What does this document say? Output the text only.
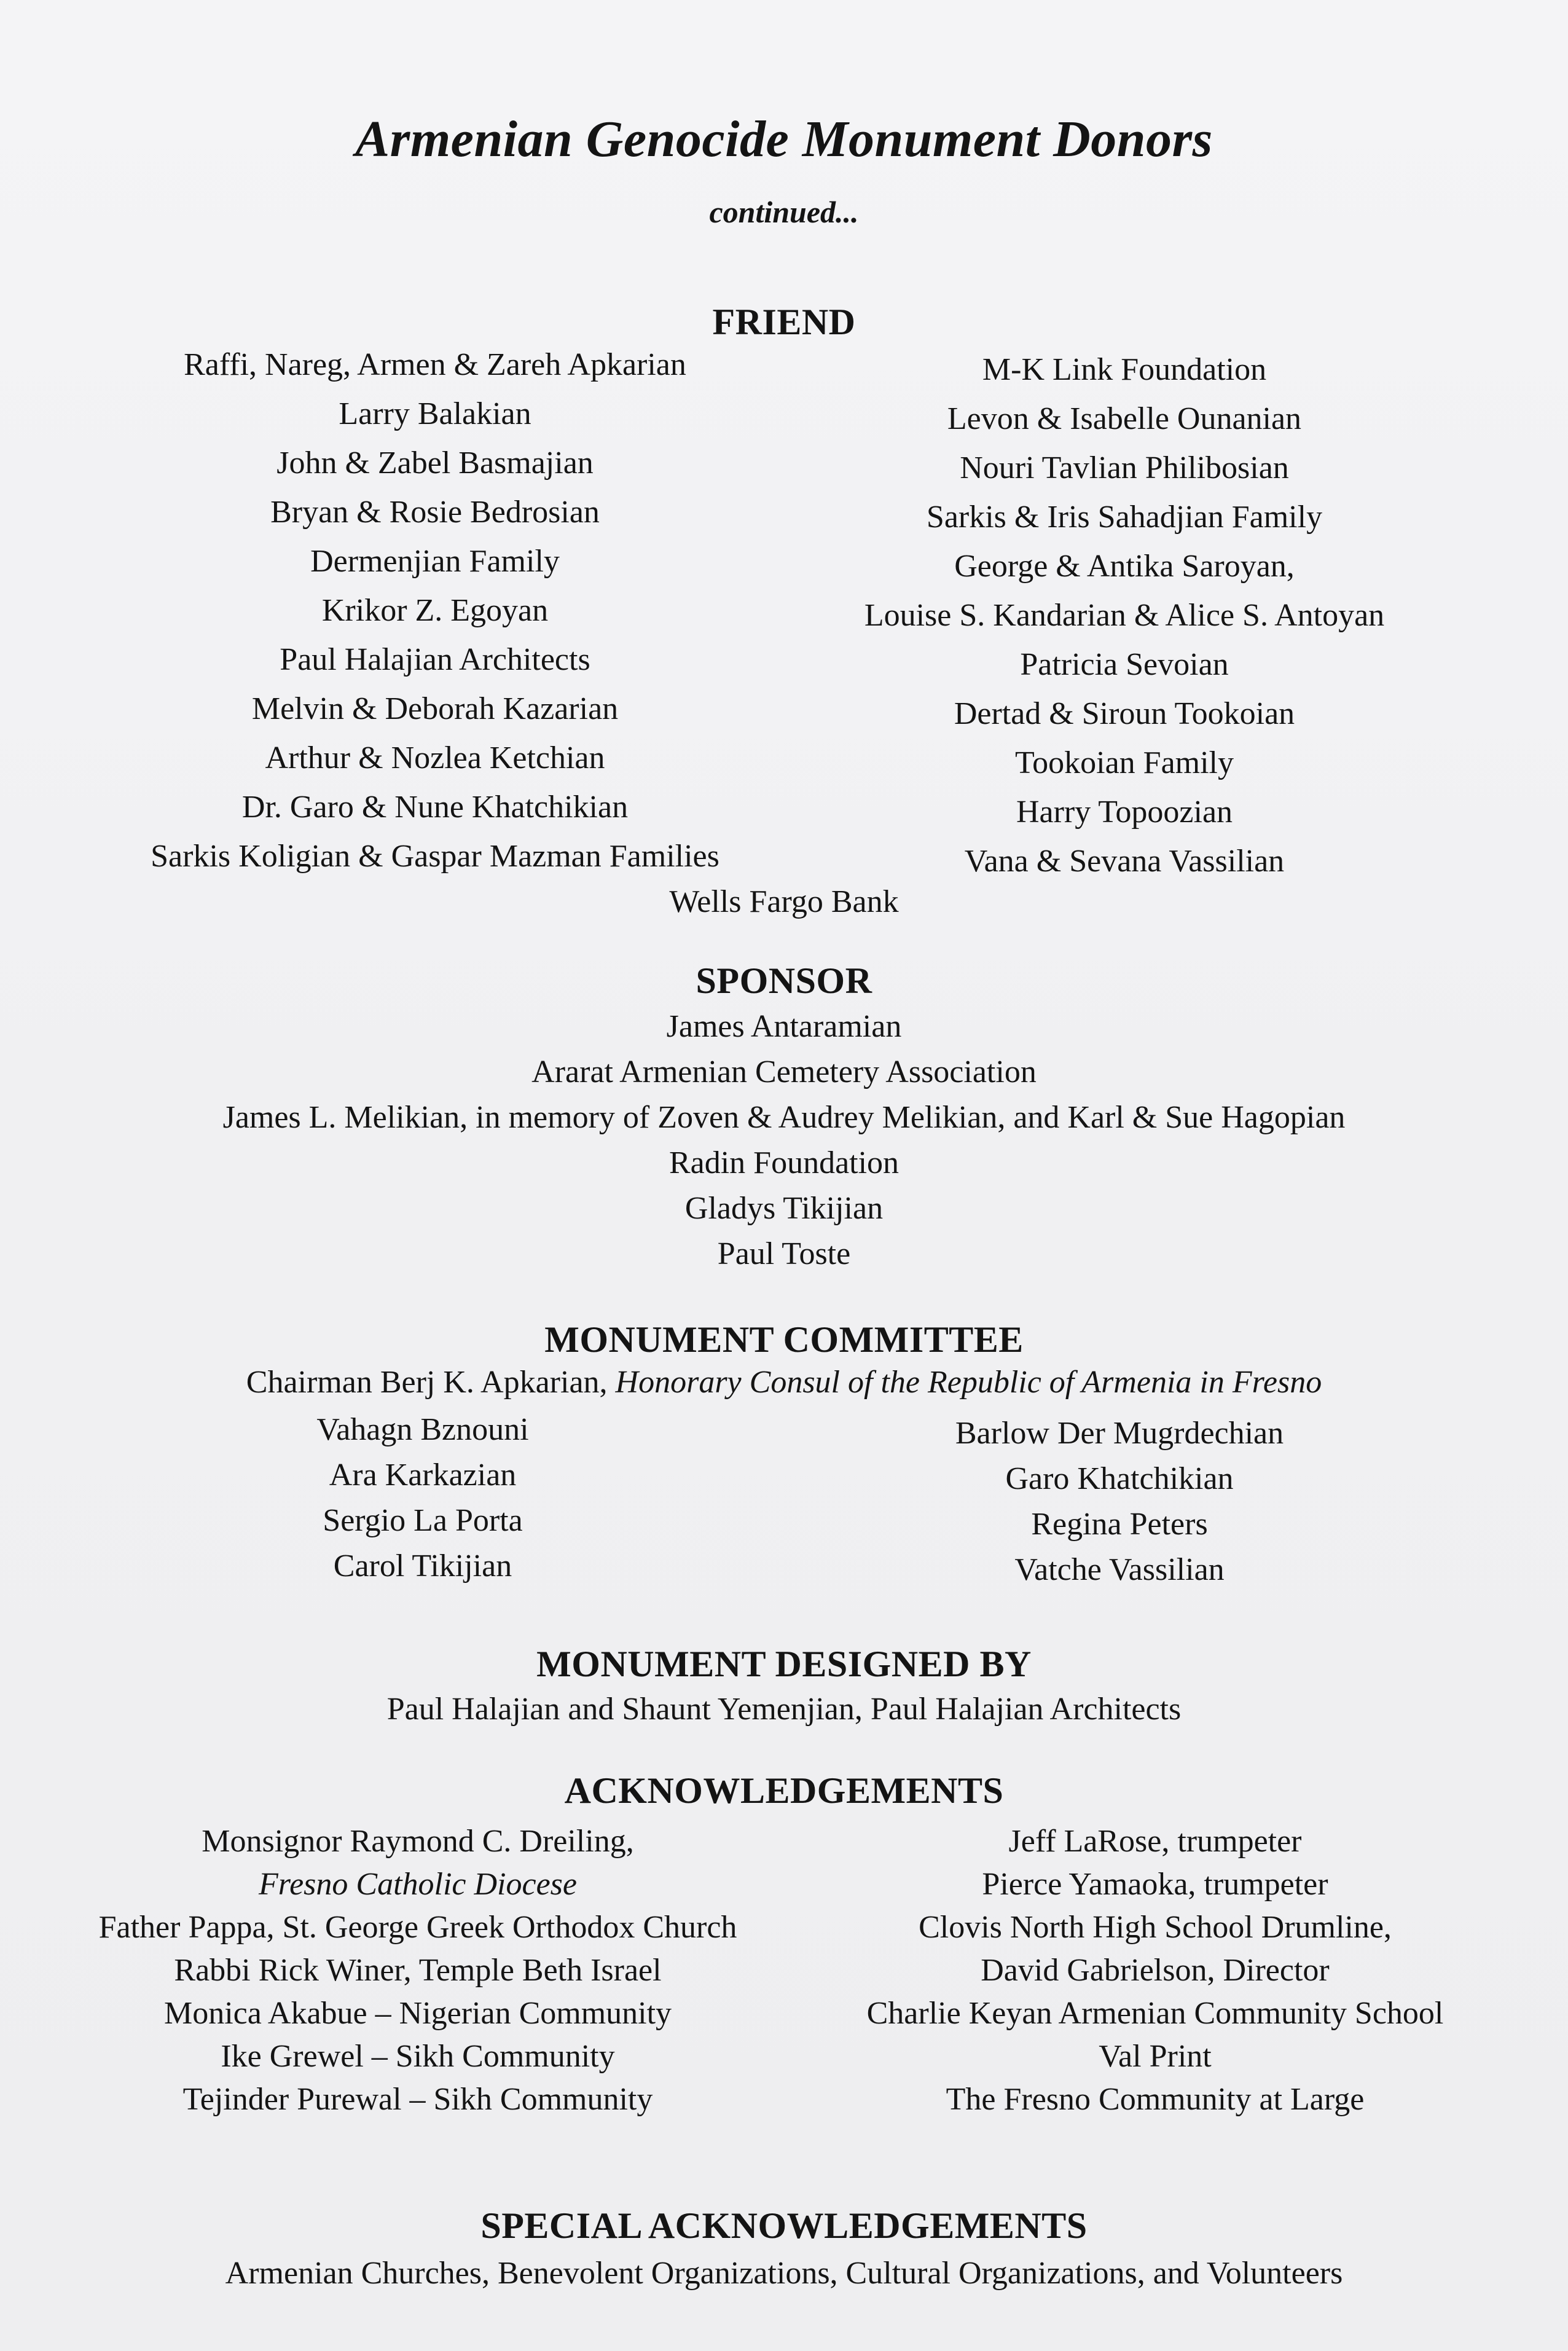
Armenian Genocide Monument Donors
continued...
FRIEND
Raffi, Nareg, Armen & Zareh Apkarian
Larry Balakian
John & Zabel Basmajian
Bryan & Rosie Bedrosian
Dermenjian Family
Krikor Z. Egoyan
Paul Halajian Architects
Melvin & Deborah Kazarian
Arthur & Nozlea Ketchian
Dr. Garo & Nune Khatchikian
Sarkis Koligian & Gaspar Mazman Families
M-K Link Foundation
Levon & Isabelle Ounanian
Nouri Tavlian Philibosian
Sarkis & Iris Sahadjian Family
George & Antika Saroyan,
Louise S. Kandarian & Alice S. Antoyan
Patricia Sevoian
Dertad & Siroun Tookoian
Tookoian Family
Harry Topoozian
Vana & Sevana Vassilian
Wells Fargo Bank
SPONSOR
James Antaramian
Ararat Armenian Cemetery Association
James L. Melikian, in memory of Zoven & Audrey Melikian, and Karl & Sue Hagopian
Radin Foundation
Gladys Tikijian
Paul Toste
MONUMENT COMMITTEE
Chairman Berj K. Apkarian, Honorary Consul of the Republic of Armenia in Fresno
Vahagn Bznouni
Ara Karkazian
Sergio La Porta
Carol Tikijian
Barlow Der Mugrdechian
Garo Khatchikian
Regina Peters
Vatche Vassilian
MONUMENT DESIGNED BY
Paul Halajian and Shaunt Yemenjian, Paul Halajian Architects
ACKNOWLEDGEMENTS
Monsignor Raymond C. Dreiling,
Fresno Catholic Diocese
Father Pappa, St. George Greek Orthodox Church
Rabbi Rick Winer, Temple Beth Israel
Monica Akabue – Nigerian Community
Ike Grewel – Sikh Community
Tejinder Purewal – Sikh Community
Jeff LaRose, trumpeter
Pierce Yamaoka, trumpeter
Clovis North High School Drumline,
David Gabrielson, Director
Charlie Keyan Armenian Community School
Val Print
The Fresno Community at Large
SPECIAL ACKNOWLEDGEMENTS
Armenian Churches, Benevolent Organizations, Cultural Organizations, and Volunteers
